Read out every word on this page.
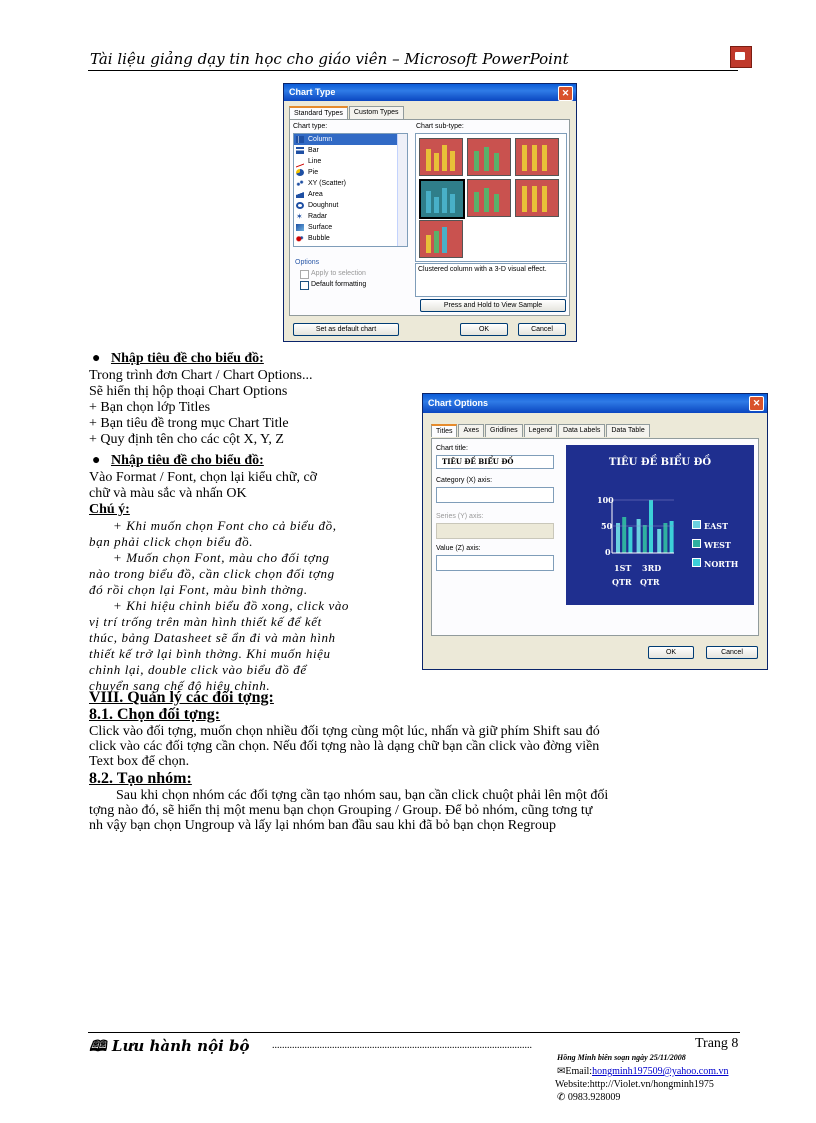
Tài liệu giảng dạy tin học cho giáo viên – Microsoft PowerPoint
Chart Type	✕
Standard Types	Custom Types
Chart type:
Column
Bar
Line
Pie
XY (Scatter)
Area
Doughnut
✶ Radar
Surface
Bubble
Options
Apply to selection
Default formatting
Chart sub-type:
Clustered column with a 3-D visual effect.
Press and Hold to View Sample
Set as default chart	OK	Cancel
●   Nhập tiêu đề cho biểu đồ:
Trong trình đơn Chart / Chart Options...
Sẽ hiển thị hộp thoại Chart Options
+ Bạn chọn lớp Titles
+ Bạn tiêu đề trong mục Chart Title
+ Quy định tên cho các cột X, Y, Z
●   Nhập tiêu đề cho biểu đồ:
Vào Format / Font, chọn lại kiểu chữ, cỡ
chữ và màu sắc và nhấn OK
Chú ý:
+ Khi muốn chọn Font cho cả biểu đồ,
bạn phải click chọn biểu đồ.
+ Muốn chọn Font, màu cho đối tợng
nào trong biểu đồ, cần click chọn đối tợng
đó rồi chọn lại Font, màu bình thờng.
+ Khi hiệu chỉnh biểu đồ xong, click vào
vị trí trống trên màn hình thiết kế để kết
thúc, bảng Datasheet sẽ ẩn đi và màn hình
thiết kế trở lại bình thờng. Khi muốn hiệu
chỉnh lại, double click vào biểu đồ để
chuyển sang chế độ hiệu chỉnh.
Chart Options	✕
Titles	Axes	Gridlines	Legend	Data Labels	Data Table
Chart title:
TIÊU ĐỀ BIỂU ĐỒ
Category (X) axis:
Series (Y) axis:
Value (Z) axis:
TIÊU ĐỀ BIỂU ĐỒ
100
50
0
1ST 3RD
QTR QTR
EAST
WEST
NORTH
OK	Cancel
VIII. Quản lý các đối tợng:
8.1. Chọn đối tợng:
Click vào đối tợng, muốn chọn nhiều đối tợng cùng một lúc, nhấn và giữ phím Shift sau đó
click vào các đối tợng cần chọn. Nếu đối tợng nào là dạng chữ bạn cần click vào đờng viền
Text box để chọn.
8.2. Tạo nhóm:
Sau khi chọn nhóm các đối tợng cần tạo nhóm sau, bạn cần click chuột phải lên một đối
tợng nào đó, sẽ hiển thị một menu bạn chọn Grouping / Group. Để bỏ nhóm, cũng tơng tự
nh vậy bạn chọn Ungroup và lấy lại nhóm ban đầu sau khi đã bỏ bạn chọn Regroup
🕮 Lưu hành nội bộ ........................................................................................................	Trang 8
Hồng Minh biên soạn ngày 25/11/2008
✉Email:hongminh197509@yahoo.com.vn
Website:http://Violet.vn/hongminh1975
✆ 0983.928009
